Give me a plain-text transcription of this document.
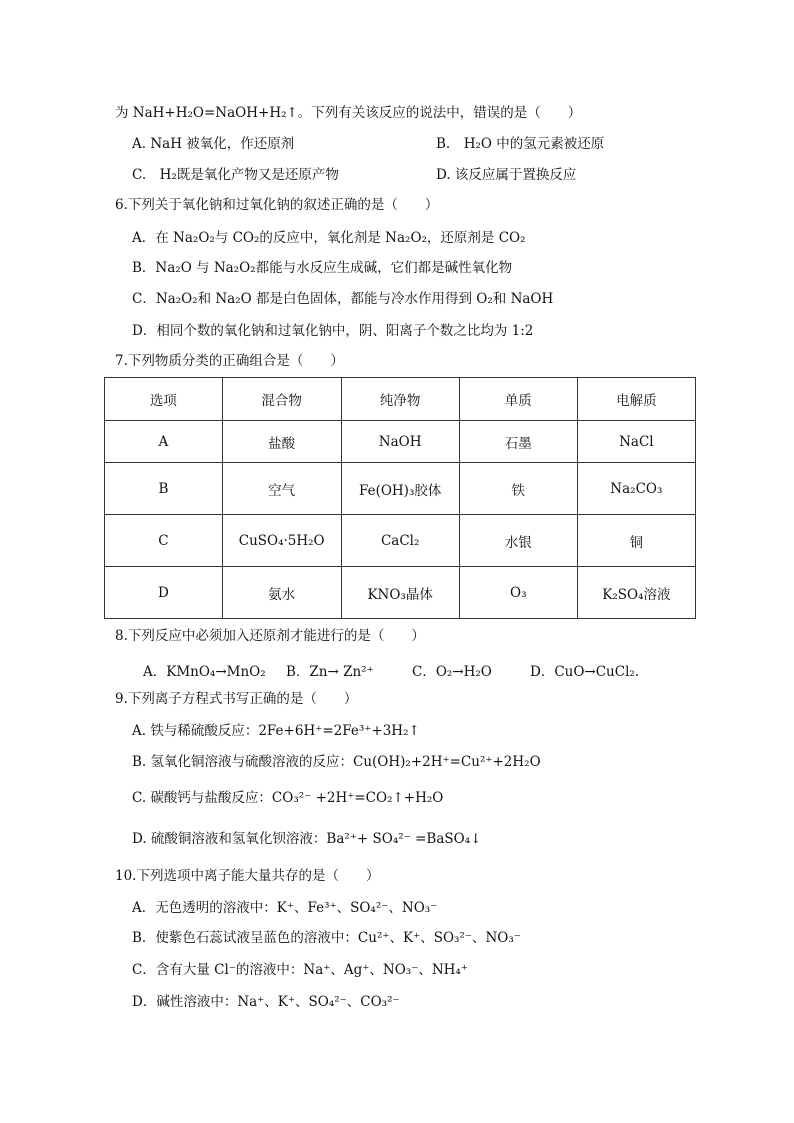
为 NaH+H₂O=NaOH+H₂↑。下列有关该反应的说法中，错误的是（　　）
A. NaH 被氧化，作还原剂	B.　H₂O 中的氢元素被还原
C.　H₂既是氧化产物又是还原产物	D. 该反应属于置换反应
6.下列关于氧化钠和过氧化钠的叙述正确的是（　　）
A．在 Na₂O₂与 CO₂的反应中，氧化剂是 Na₂O₂，还原剂是 CO₂
B．Na₂O 与 Na₂O₂都能与水反应生成碱，它们都是碱性氧化物
C．Na₂O₂和 Na₂O 都是白色固体，都能与冷水作用得到 O₂和 NaOH
D．相同个数的氧化钠和过氧化钠中，阴、阳离子个数之比均为 1:2
7.下列物质分类的正确组合是（　　）
选项	混合物	纯净物	单质	电解质
A	盐酸	NaOH	石墨	NaCl
B	空气	Fe(OH)₃胶体	铁	Na₂CO₃
C	CuSO₄·5H₂O	CaCl₂	水银	铜
D	氨水	KNO₃晶体	O₃	K₂SO₄溶液
8.下列反应中必须加入还原剂才能进行的是（　　）
A．KMnO₄→MnO₂ B．Zn→ Zn²⁺	C．O₂→H₂O	D．CuO→CuCl₂.
9.下列离子方程式书写正确的是（　　）
A. 铁与稀硫酸反应：2Fe+6H⁺=2Fe³⁺+3H₂↑
B. 氢氧化铜溶液与硫酸溶液的反应：Cu(OH)₂+2H⁺=Cu²⁺+2H₂O
C. 碳酸钙与盐酸反应：CO₃²⁻ +2H⁺=CO₂↑+H₂O
D. 硫酸铜溶液和氢氧化钡溶液：Ba²⁺+ SO₄²⁻ =BaSO₄↓
10.下列选项中离子能大量共存的是（　　）
A．无色透明的溶液中：K⁺、Fe³⁺、SO₄²⁻、NO₃⁻
B．使紫色石蕊试液呈蓝色的溶液中：Cu²⁺、K⁺、SO₃²⁻、NO₃⁻
C．含有大量 Cl⁻的溶液中：Na⁺、Ag⁺、NO₃⁻、NH₄⁺
D．碱性溶液中：Na⁺、K⁺、SO₄²⁻、CO₃²⁻
